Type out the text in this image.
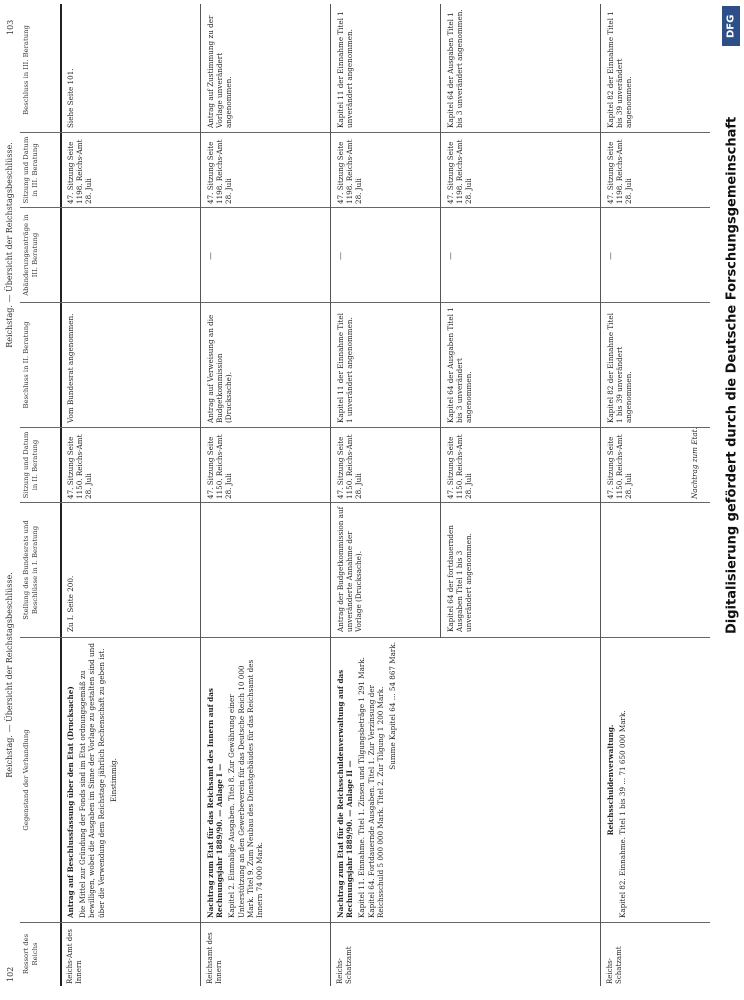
DFG
Digitalisierung gefördert durch die Deutsche Forschungsgemeinschaft
102
103
Reichstag. — Übersicht der Reichstagsbeschlüsse.
Reichstag. — Übersicht der Reichstagsbeschlüsse.
Ressort des Reichs
Gegenstand der Verhandlung
Stellung des Bundesrats und Beschlüsse in I. Beratung
Sitzung und Datum in II. Beratung
Beschluss in II. Beratung
Abänderungsanträge in III. Beratung
Sitzung und Datum in III. Beratung
Beschluss in III. Beratung
Reichs-Amt des Innern

Antrag auf Beschlussfassung über den Etat (Drucksache) Die Mittel zur Gründung der Fonds sind im Etat ordnungsgemäß zu bewilligen, wobei die Ausgaben im Sinne der Vorlage zu gestalten sind und über die Verwendung dem Reichstage jährlich Rechenschaft zu geben ist. Einstimmig.

Zu I. Seite 200.
47. Sitzung Seite 1150. Reichs-Amt 28. Juli
Vom Bundesrat angenommen.
47. Sitzung Seite 1198. Reichs-Amt 28. Juli
Siehe Seite 101.
Reichsamt des Innern

Nachtrag zum Etat für das Reichsamt des Innern auf das Rechnungsjahr 1889/90. — Anlage I — Kapitel 2. Einmalige Ausgaben. Titel 8. Zur Gewährung einer Unterstützung an den Gewerbeverein für das Deutsche Reich 10 000 Mark. Titel 9. Zum Neubau des Dienstgebäudes für das Reichsamt des Innern 74 000 Mark.

47. Sitzung Seite 1150. Reichs-Amt 28. Juli
Antrag auf Verweisung an die Budgetkommission (Drucksache).
—
47. Sitzung Seite 1198. Reichs-Amt 28. Juli
Antrag auf Zustimmung zu der Vorlage unverändert angenommen.
Reichs-Schatzamt

Nachtrag zum Etat für die Reichsschuldenverwaltung auf das Rechnungsjahr 1889/90. — Anlage II — Kapitel 11. Einnahme. Titel 1. Zinsen und Tilgungsbeträge 1 291 Mark. Kapitel 64. Fortdauernde Ausgaben. Titel 1. Zur Verzinsung der Reichsschuld 5 000 000 Mark. Titel 2. Zur Tilgung 1 200 Mark. Summe Kapitel 64 ... 54 867 Mark.

Antrag der Budgetkommission auf unveränderte Annahme der Vorlage (Drucksache).
47. Sitzung Seite 1150. Reichs-Amt 28. Juli
Kapitel 11 der Einnahme Titel 1 unverändert angenommen.
—
47. Sitzung Seite 1198. Reichs-Amt 28. Juli
Kapitel 11 der Einnahme Titel 1 unverändert angenommen.
Kapitel 64 der fortdauernden Ausgaben Titel 1 bis 3 unverändert angenommen.
47. Sitzung Seite 1150. Reichs-Amt 28. Juli
Kapitel 64 der Ausgaben Titel 1 bis 3 unverändert angenommen.
—
47. Sitzung Seite 1198. Reichs-Amt 28. Juli
Kapitel 64 der Ausgaben Titel 1 bis 3 unverändert angenommen.
Reichs-Schatzamt

Reichsschuldenverwaltung. Kapitel 82. Einnahme. Titel 1 bis 39 ... 71 650 000 Mark.

47. Sitzung Seite 1150. Reichs-Amt 28. Juli
Kapitel 82 der Einnahme Titel 1 bis 39 unverändert angenommen.
—
47. Sitzung Seite 1198. Reichs-Amt 28. Juli
Kapitel 82 der Einnahme Titel 1 bis 39 unverändert angenommen.
Nachtrag zum Etat.
